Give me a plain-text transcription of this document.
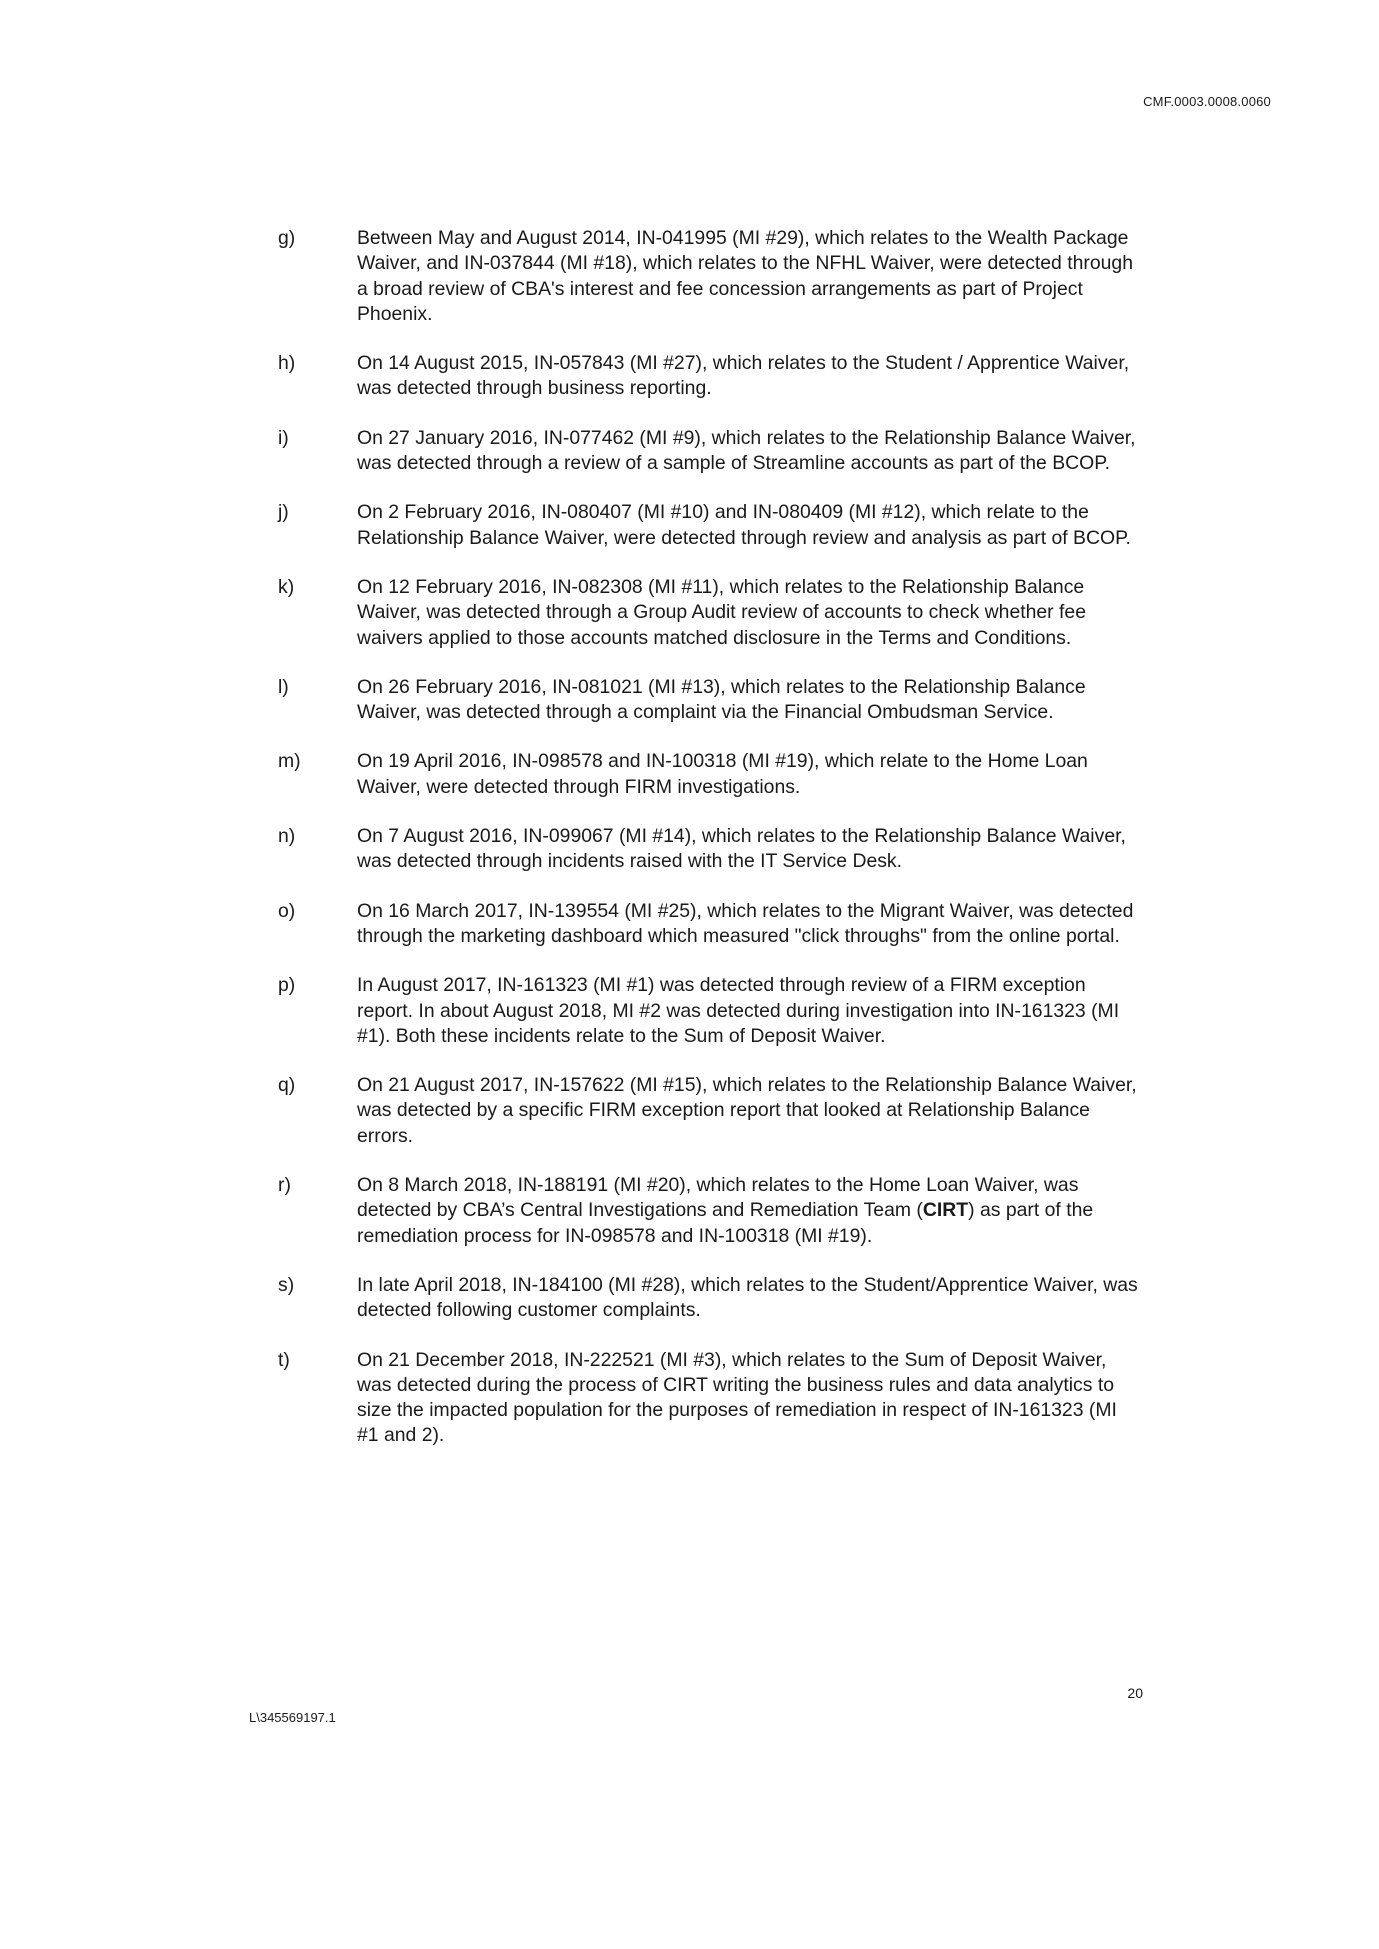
CMF.0003.0008.0060
g)	Between May and August 2014, IN-041995 (MI #29), which relates to the Wealth Package Waiver, and IN-037844 (MI #18), which relates to the NFHL Waiver, were detected through a broad review of CBA's interest and fee concession arrangements as part of Project Phoenix.
h)	On 14 August 2015, IN-057843 (MI #27), which relates to the Student / Apprentice Waiver, was detected through business reporting.
i)	On 27 January 2016, IN-077462 (MI #9), which relates to the Relationship Balance Waiver, was detected through a review of a sample of Streamline accounts as part of the BCOP.
j)	On 2 February 2016, IN-080407 (MI #10) and IN-080409 (MI #12), which relate to the Relationship Balance Waiver, were detected through review and analysis as part of BCOP.
k)	On 12 February 2016, IN-082308 (MI #11), which relates to the Relationship Balance Waiver, was detected through a Group Audit review of accounts to check whether fee waivers applied to those accounts matched disclosure in the Terms and Conditions.
l)	On 26 February 2016, IN-081021 (MI #13), which relates to the Relationship Balance Waiver, was detected through a complaint via the Financial Ombudsman Service.
m)	On 19 April 2016, IN-098578 and IN-100318 (MI #19), which relate to the Home Loan Waiver, were detected through FIRM investigations.
n)	On 7 August 2016, IN-099067 (MI #14), which relates to the Relationship Balance Waiver, was detected through incidents raised with the IT Service Desk.
o)	On 16 March 2017, IN-139554 (MI #25), which relates to the Migrant Waiver, was detected through the marketing dashboard which measured "click throughs" from the online portal.
p)	In August 2017, IN-161323 (MI #1) was detected through review of a FIRM exception report. In about August 2018, MI #2 was detected during investigation into IN-161323 (MI #1). Both these incidents relate to the Sum of Deposit Waiver.
q)	On 21 August 2017, IN-157622 (MI #15), which relates to the Relationship Balance Waiver, was detected by a specific FIRM exception report that looked at Relationship Balance errors.
r)	On 8 March 2018, IN-188191 (MI #20), which relates to the Home Loan Waiver, was detected by CBA’s Central Investigations and Remediation Team (CIRT) as part of the remediation process for IN-098578 and IN-100318 (MI #19).
s)	In late April 2018, IN-184100 (MI #28), which relates to the Student/Apprentice Waiver, was detected following customer complaints.
t)	On 21 December 2018, IN-222521 (MI #3), which relates to the Sum of Deposit Waiver, was detected during the process of CIRT writing the business rules and data analytics to size the impacted population for the purposes of remediation in respect of IN-161323 (MI #1 and 2).
20
L\345569197.1
